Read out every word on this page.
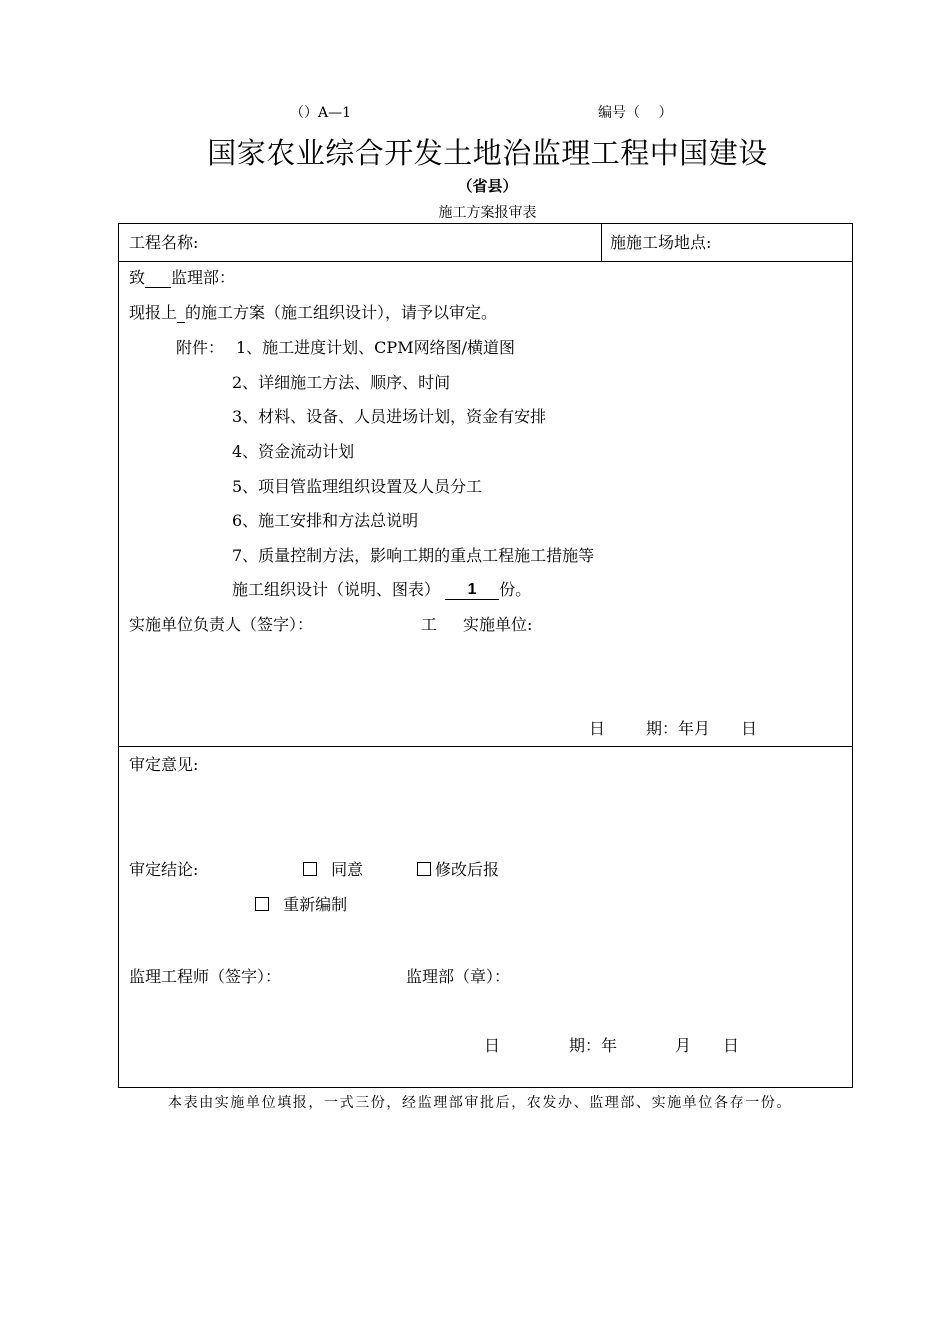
（）A—1	编号（　 ）
国家农业综合开发土地治监理工程中国建设
（省县）
施工方案报审表
工程名称:	施施工场地点:
致 监理部：
现报上 的施工方案（施工组织设计），请予以审定。
附件： 1、施工进度计划、CPM网络图/横道图
2、详细施工方法、顺序、时间
3、材料、设备、人员进场计划，资金有安排
4、资金流动计划
5、项目管监理组织设置及人员分工
6、施工安排和方法总说明
7、质量控制方法，影响工期的重点工程施工措施等
施工组织设计（说明、图表） 1 份。
实施单位负责人（签字）：	工 实施单位:
日	期：年月 日
审定意见:
审定结论:	同意	修改后报
重新编制
监理工程师（签字）：	监理部（章）：
日	期：年	月 日
本表由实施单位填报，一式三份，经监理部审批后，农发办、监理部、实施单位各存一份。
